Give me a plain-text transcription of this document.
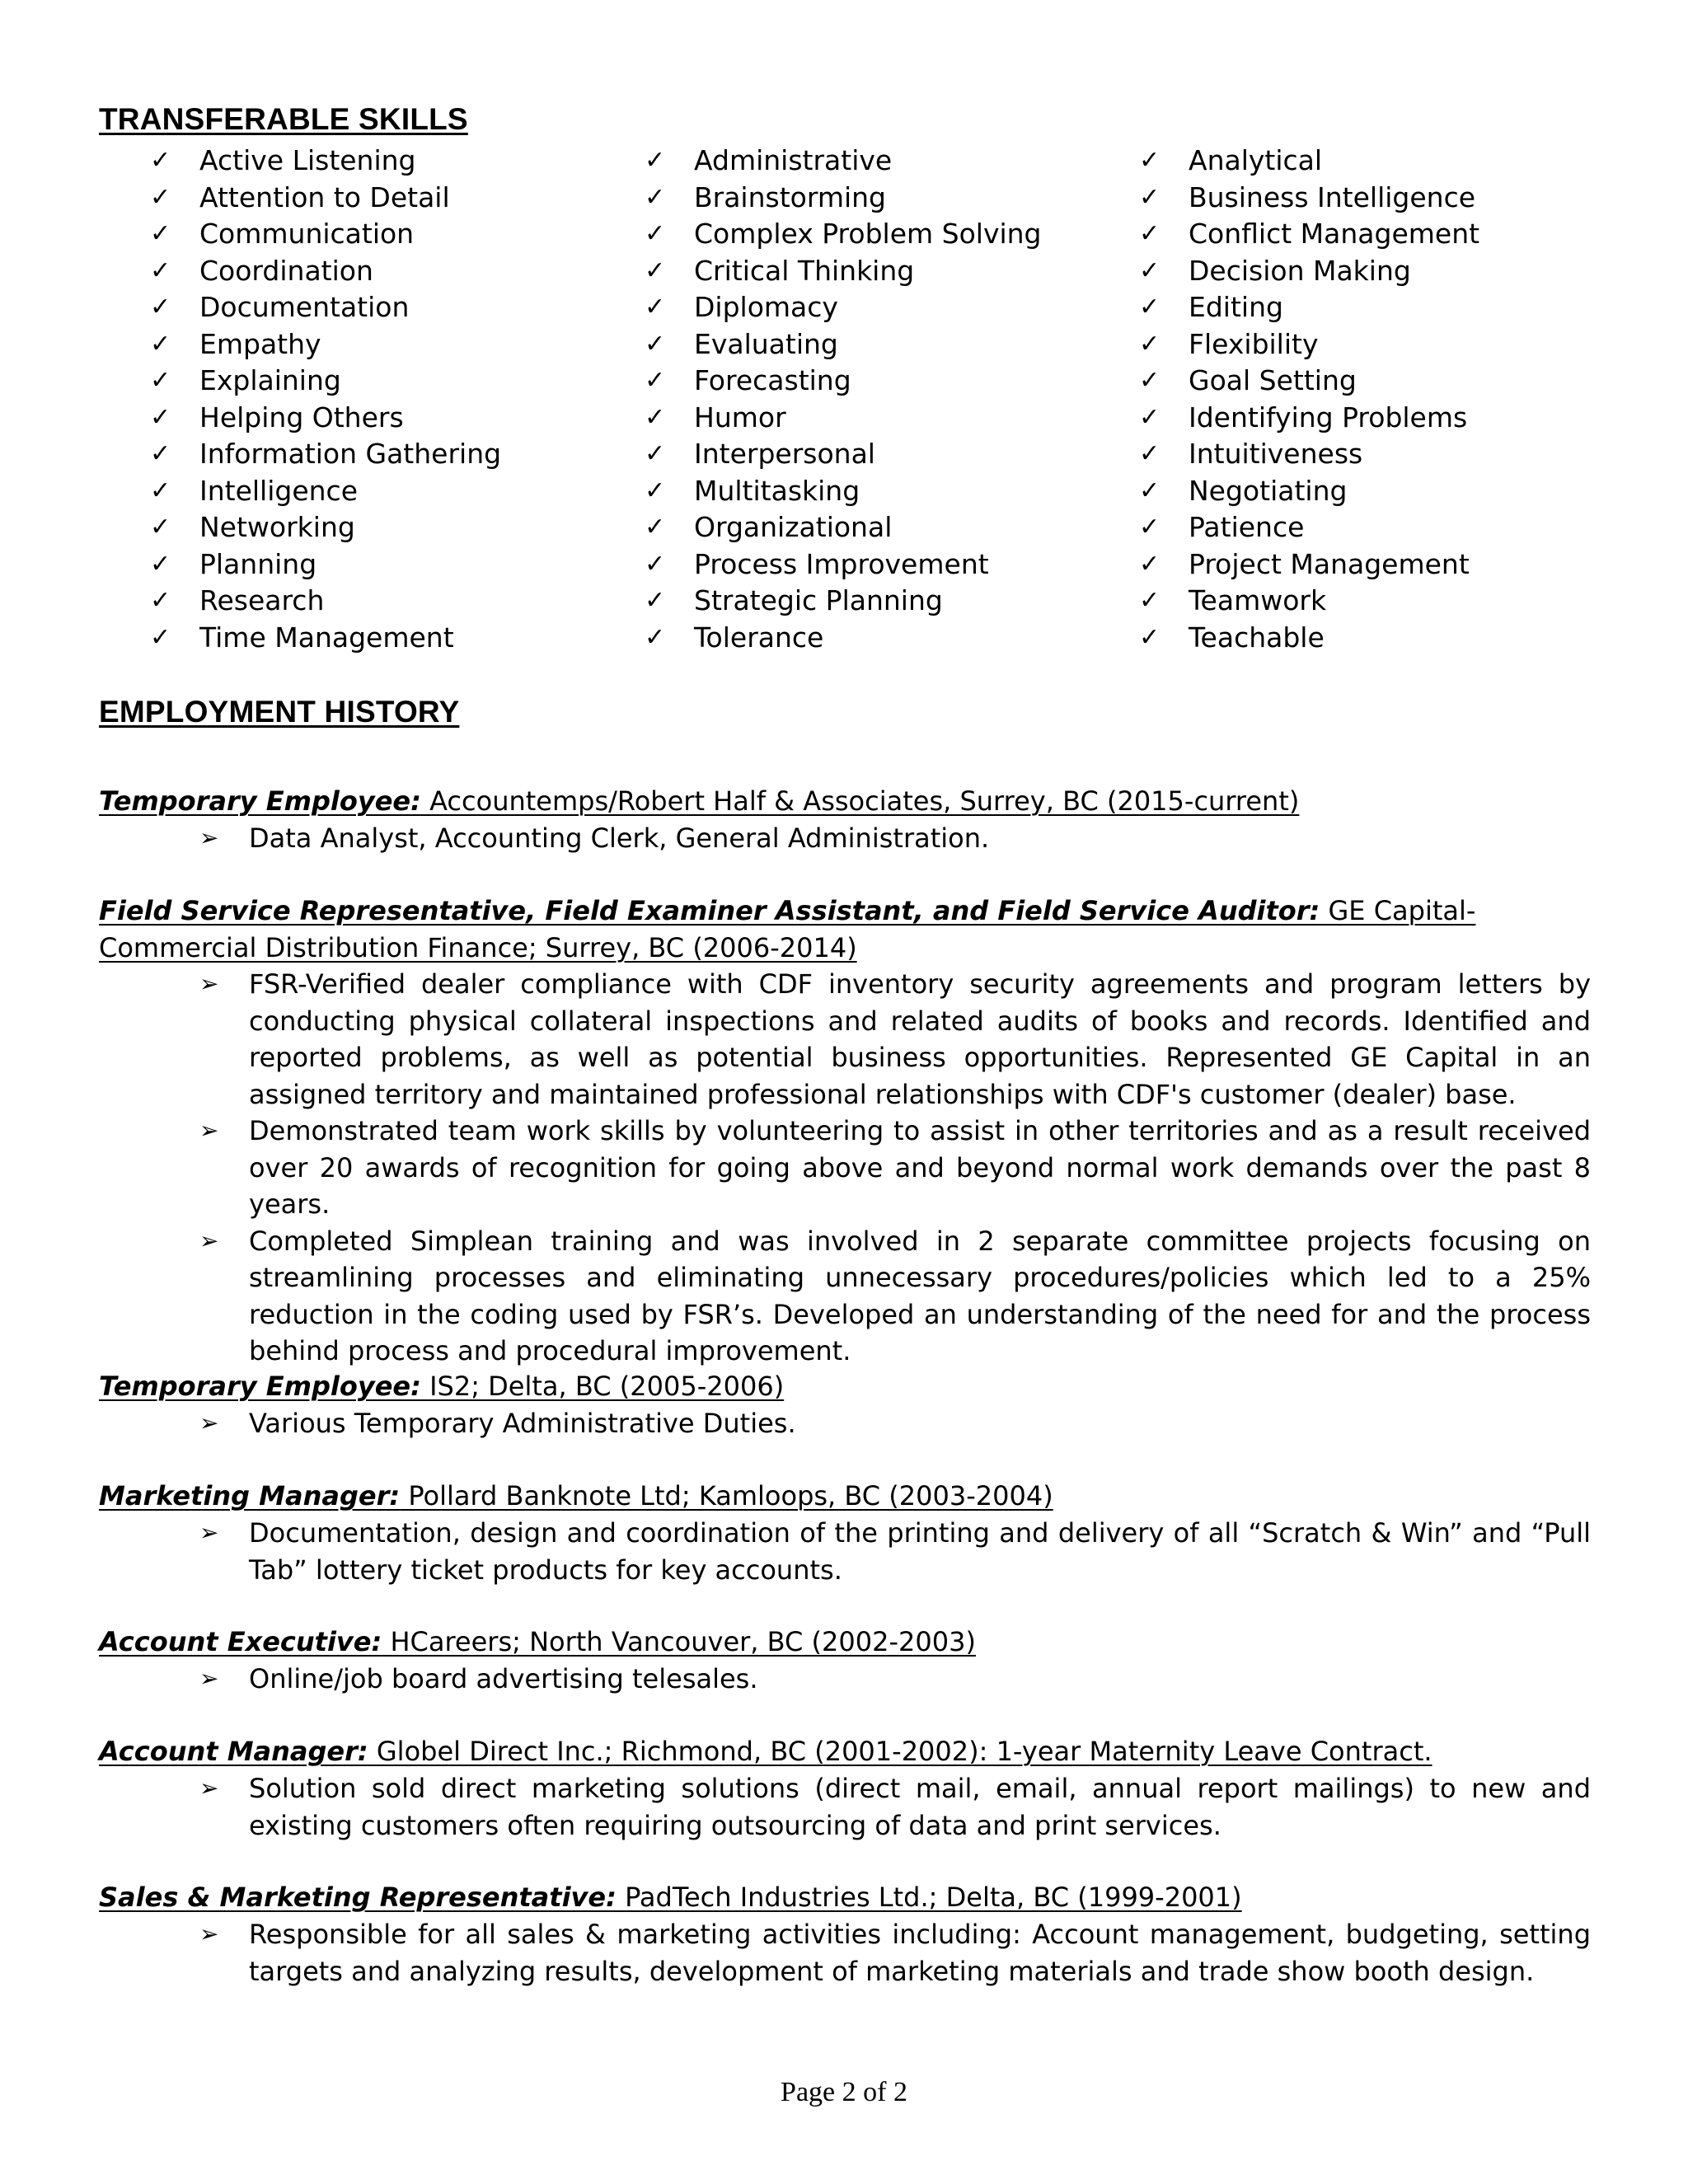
TRANSFERABLE SKILLS
✓ Active Listening
✓ Attention to Detail
✓ Communication
✓ Coordination
✓ Documentation
✓ Empathy
✓ Explaining
✓ Helping Others
✓ Information Gathering
✓ Intelligence
✓ Networking
✓ Planning
✓ Research
✓ Time Management
✓ Administrative
✓ Brainstorming
✓ Complex Problem Solving
✓ Critical Thinking
✓ Diplomacy
✓ Evaluating
✓ Forecasting
✓ Humor
✓ Interpersonal
✓ Multitasking
✓ Organizational
✓ Process Improvement
✓ Strategic Planning
✓ Tolerance
✓ Analytical
✓ Business Intelligence
✓ Conflict Management
✓ Decision Making
✓ Editing
✓ Flexibility
✓ Goal Setting
✓ Identifying Problems
✓ Intuitiveness
✓ Negotiating
✓ Patience
✓ Project Management
✓ Teamwork
✓ Teachable
EMPLOYMENT HISTORY
Temporary Employee: Accountemps/Robert Half & Associates, Surrey, BC (2015-current)
➢ Data Analyst, Accounting Clerk, General Administration.
Field Service Representative, Field Examiner Assistant, and Field Service Auditor: GE Capital-Commercial Distribution Finance; Surrey, BC (2006-2014)
➢ FSR-Verified dealer compliance with CDF inventory security agreements and program letters by conducting physical collateral inspections and related audits of books and records. Identified and reported problems, as well as potential business opportunities. Represented GE Capital in an assigned territory and maintained professional relationships with CDF's customer (dealer) base.
➢ Demonstrated team work skills by volunteering to assist in other territories and as a result received over 20 awards of recognition for going above and beyond normal work demands over the past 8 years.
➢ Completed Simplean training and was involved in 2 separate committee projects focusing on streamlining processes and eliminating unnecessary procedures/policies which led to a 25% reduction in the coding used by FSR’s. Developed an understanding of the need for and the process behind process and procedural improvement.
Temporary Employee: IS2; Delta, BC (2005-2006)
➢ Various Temporary Administrative Duties.
Marketing Manager: Pollard Banknote Ltd; Kamloops, BC (2003-2004)
➢ Documentation, design and coordination of the printing and delivery of all “Scratch & Win” and “Pull Tab” lottery ticket products for key accounts.
Account Executive: HCareers; North Vancouver, BC (2002-2003)
➢ Online/job board advertising telesales.
Account Manager: Globel Direct Inc.; Richmond, BC (2001-2002): 1-year Maternity Leave Contract.
➢ Solution sold direct marketing solutions (direct mail, email, annual report mailings) to new and existing customers often requiring outsourcing of data and print services.
Sales & Marketing Representative: PadTech Industries Ltd.; Delta, BC (1999-2001)
➢ Responsible for all sales & marketing activities including: Account management, budgeting, setting targets and analyzing results, development of marketing materials and trade show booth design.
Page 2 of 2
